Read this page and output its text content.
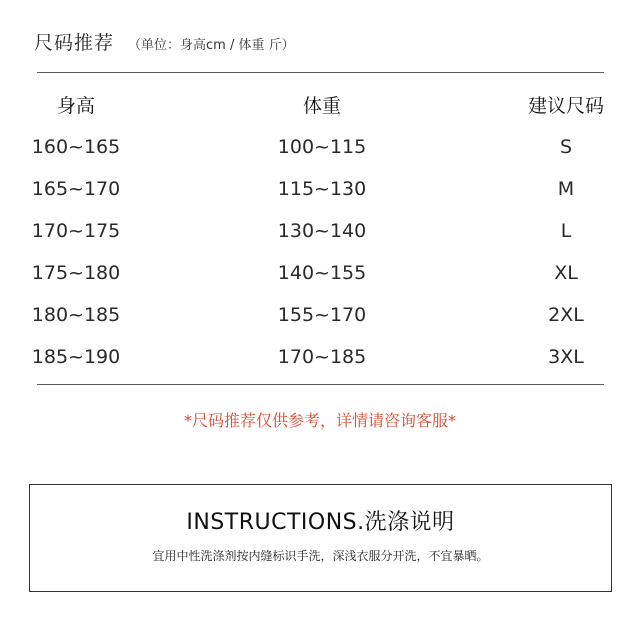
尺码推荐 （单位：身高cm / 体重 斤）
身高	体重	建议尺码
160~165	100~115	S
165~170	115~130	M
170~175	130~140	L
175~180	140~155	XL
180~185	155~170	2XL
185~190	170~185	3XL
*尺码推荐仅供参考，详情请咨询客服*
INSTRUCTIONS.洗涤说明
宜用中性洗涤剂按内缝标识手洗，深浅衣服分开洗，不宜暴晒。
